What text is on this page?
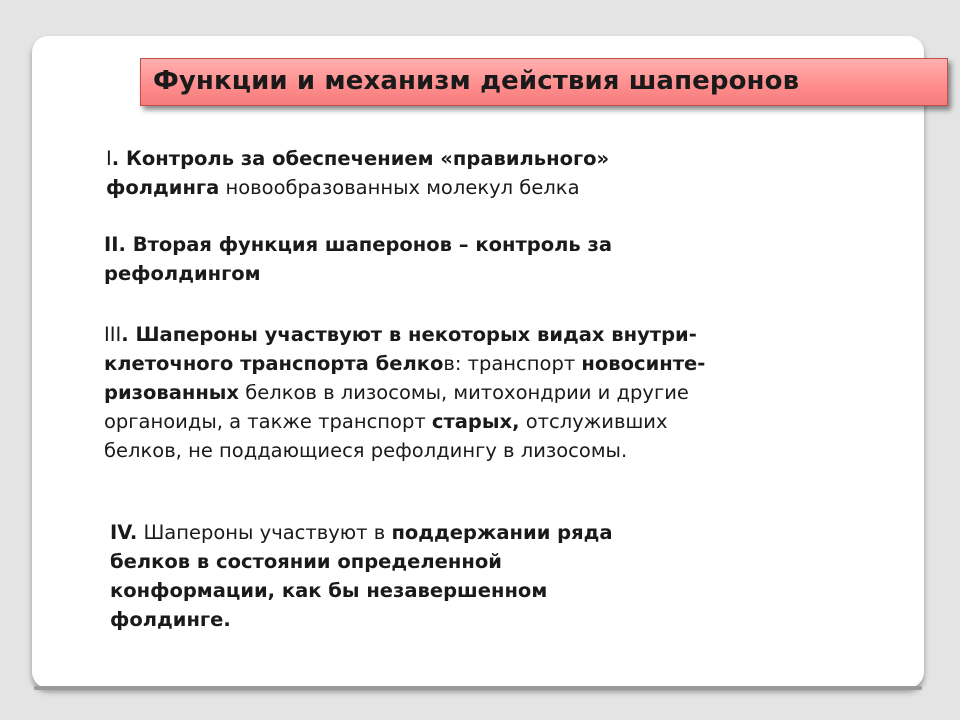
Функции и механизм действия шаперонов
I. Контроль за обеспечением «правильного»
фолдинга новообразованных молекул белка
II. Вторая функция шаперонов – контроль за
рефолдингом
III. Шапероны участвуют в некоторых видах внутри-
клеточного транспорта белков: транспорт новосинте-
ризованных белков в лизосомы, митохондрии и другие
органоиды, а также транспорт старых, отслуживших
белков, не поддающиеся рефолдингу в лизосомы.
IV. Шапероны участвуют в поддержании ряда
белков в состоянии определенной
конформации, как бы незавершенном
фолдинге.
